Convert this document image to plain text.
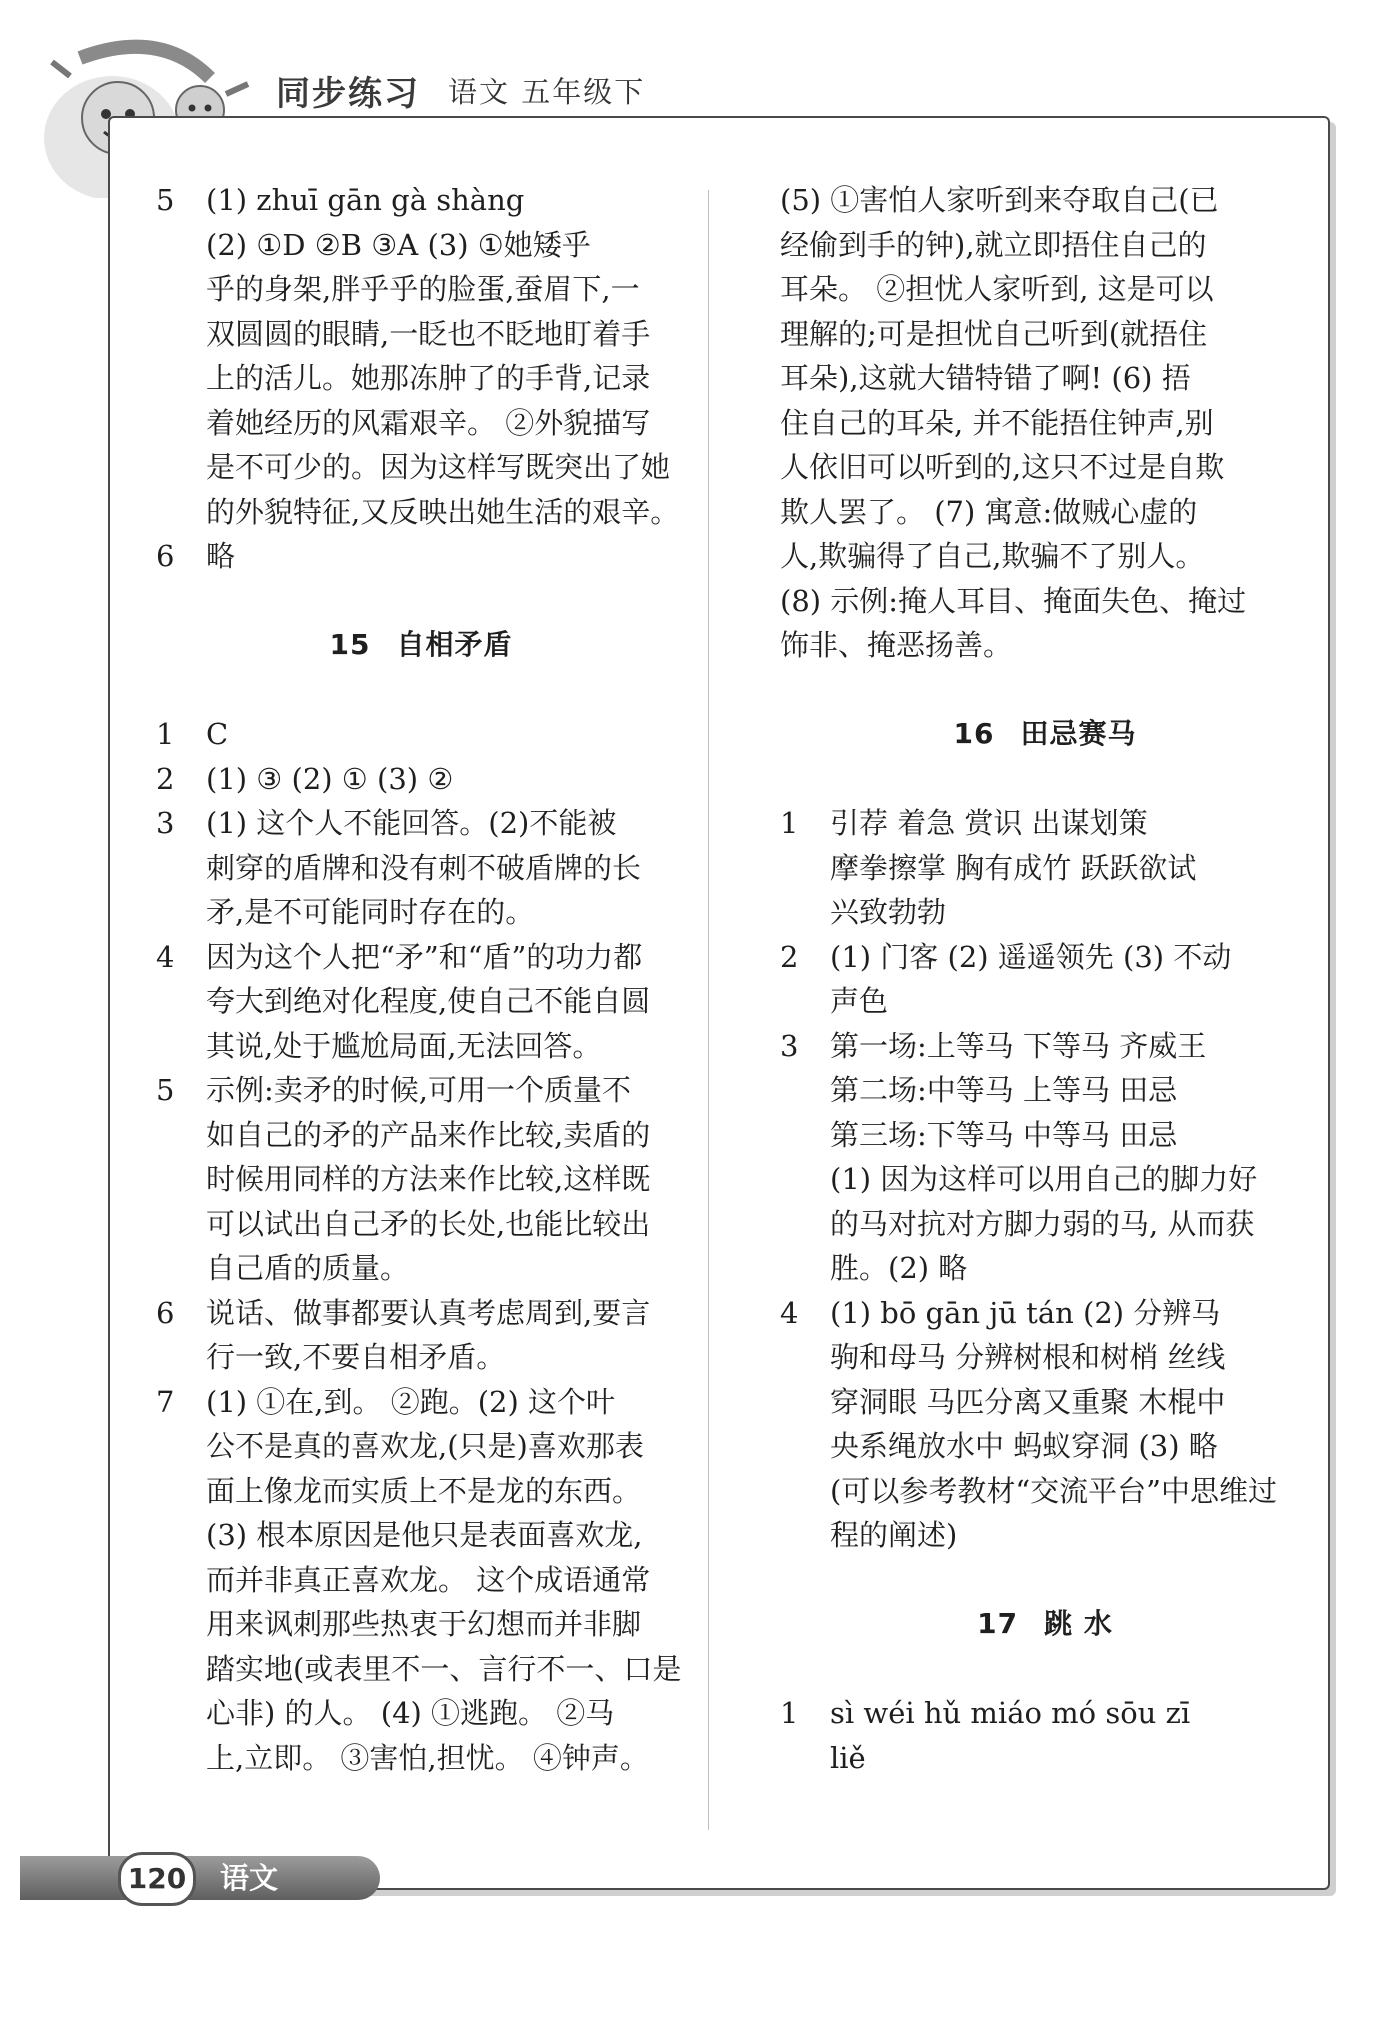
同步练习 语文 五年级下
5 (1) zhuī gān gà shàng
(2) ①D ②B ③A (3) ①她矮乎
乎的身架,胖乎乎的脸蛋,蚕眉下,一
双圆圆的眼睛,一眨也不眨地盯着手
上的活儿。她那冻肿了的手背,记录
着她经历的风霜艰辛。 ②外貌描写
是不可少的。因为这样写既突出了她
的外貌特征,又反映出她生活的艰辛。
6 略
15 自相矛盾
1 C
2 (1) ③ (2) ① (3) ②
3 (1) 这个人不能回答。(2)不能被
刺穿的盾牌和没有刺不破盾牌的长
矛,是不可能同时存在的。
4 因为这个人把“矛”和“盾”的功力都
夸大到绝对化程度,使自己不能自圆
其说,处于尴尬局面,无法回答。
5 示例:卖矛的时候,可用一个质量不
如自己的矛的产品来作比较,卖盾的
时候用同样的方法来作比较,这样既
可以试出自己矛的长处,也能比较出
自己盾的质量。
6 说话、做事都要认真考虑周到,要言
行一致,不要自相矛盾。
7 (1) ①在,到。 ②跑。(2) 这个叶
公不是真的喜欢龙,(只是)喜欢那表
面上像龙而实质上不是龙的东西。
(3) 根本原因是他只是表面喜欢龙,
而并非真正喜欢龙。 这个成语通常
用来讽刺那些热衷于幻想而并非脚
踏实地(或表里不一、言行不一、口是
心非) 的人。 (4) ①逃跑。 ②马
上,立即。 ③害怕,担忧。 ④钟声。
(5) ①害怕人家听到来夺取自己(已
经偷到手的钟),就立即捂住自己的
耳朵。 ②担忧人家听到, 这是可以
理解的;可是担忧自己听到(就捂住
耳朵),这就大错特错了啊! (6) 捂
住自己的耳朵, 并不能捂住钟声,别
人依旧可以听到的,这只不过是自欺
欺人罢了。 (7) 寓意:做贼心虚的
人,欺骗得了自己,欺骗不了别人。
(8) 示例:掩人耳目、掩面失色、掩过
饰非、掩恶扬善。
16 田忌赛马
1 引荐 着急 赏识 出谋划策
摩拳擦掌 胸有成竹 跃跃欲试
兴致勃勃
2 (1) 门客 (2) 遥遥领先 (3) 不动
声色
3 第一场:上等马 下等马 齐威王
第二场:中等马 上等马 田忌
第三场:下等马 中等马 田忌
(1) 因为这样可以用自己的脚力好
的马对抗对方脚力弱的马, 从而获
胜。(2) 略
4 (1) bō gān jū tán (2) 分辨马
驹和母马 分辨树根和树梢 丝线
穿洞眼 马匹分离又重聚 木棍中
央系绳放水中 蚂蚁穿洞 (3) 略
(可以参考教材“交流平台”中思维过
程的阐述)
17 跳 水
1 sì wéi hǔ miáo mó sōu zī
liě
120	语文
